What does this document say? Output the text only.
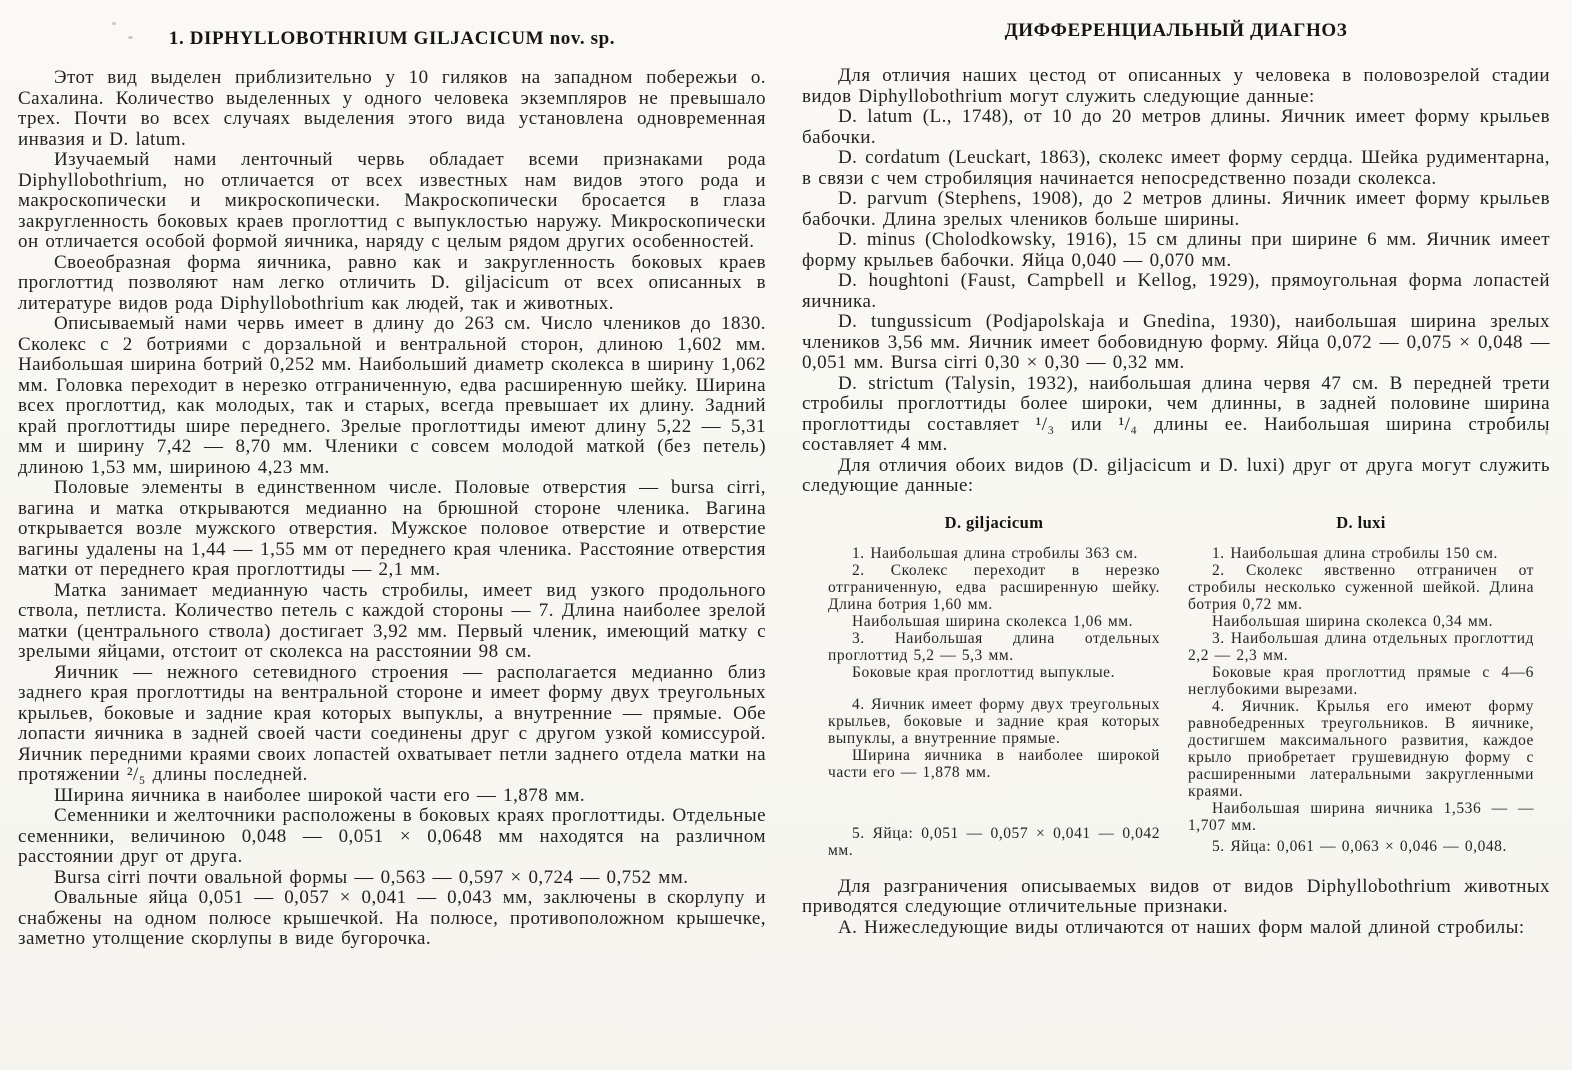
1. DIPHYLLOBOTHRIUM GILJACICUM nov. sp.

Этот вид выделен приблизительно у 10 гиляков на западном побережьи о. Сахалина. Количество выделенных у одного человека экземпляров не превышало трех. Почти во всех случаях выделения этого вида установлена одновременная инвазия и D. latum.

Изучаемый нами ленточный червь обладает всеми признаками рода Diphyllobothrium, но отличается от всех известных нам видов этого рода и макроскопически и микроскопически. Макроскопически бросается в глаза закругленность боковых краев проглоттид с выпуклостью наружу. Микроскопически он отличается особой формой яичника, наряду с целым рядом других особенностей.

Своеобразная форма яичника, равно как и закругленность боковых краев проглоттид позволяют нам легко отличить D. giljacicum от всех описанных в литературе видов рода Diphyllobothrium как людей, так и животных.

Описываемый нами червь имеет в длину до 263 см. Число члеников до 1830. Сколекс с 2 ботриями с дорзальной и вентральной сторон, длиною 1,602 мм. Наибольшая ширина ботрий 0,252 мм. Наибольший диаметр сколекса в ширину 1,062 мм. Головка переходит в нерезко отграниченную, едва расширенную шейку. Ширина всех проглоттид, как молодых, так и старых, всегда превышает их длину. Задний край проглоттиды шире переднего. Зрелые проглоттиды имеют длину 5,22 — 5,31 мм и ширину 7,42 — 8,70 мм. Членики с совсем молодой маткой (без петель) длиною 1,53 мм, шириною 4,23 мм.

Половые элементы в единственном числе. Половые отверстия — bursa cirri, вагина и матка открываются медианно на брюшной стороне членика. Вагина открывается возле мужского отверстия. Мужское половое отверстие и отверстие вагины удалены на 1,44 — 1,55 мм от переднего края членика. Расстояние отверстия матки от переднего края проглоттиды — 2,1 мм.

Матка занимает медианную часть стробилы, имеет вид узкого продольного ствола, петлиста. Количество петель с каждой стороны — 7. Длина наиболее зрелой матки (центрального ствола) достигает 3,92 мм. Первый членик, имеющий матку с зрелыми яйцами, отстоит от сколекса на расстоянии 98 см.

Яичник — нежного сетевидного строения — располагается медианно близ заднего края проглоттиды на вентральной стороне и имеет форму двух треугольных крыльев, боковые и задние края которых выпуклы, а внутренние — прямые. Обе лопасти яичника в задней своей части соединены друг с другом узкой комиссурой. Яичник передними краями своих лопастей охватывает петли заднего отдела матки на протяжении ²/₅ длины последней.

Ширина яичника в наиболее широкой части его — 1,878 мм.

Семенники и желточники расположены в боковых краях проглоттиды. Отдельные семенники, величиною 0,048 — 0,051 × 0,0648 мм находятся на различном расстоянии друг от друга.

Bursa cirri почти овальной формы — 0,563 — 0,597 × 0,724 — 0,752 мм.

Овальные яйца 0,051 — 0,057 × 0,041 — 0,043 мм, заключены в скорлупу и снабжены на одном полюсе крышечкой. На полюсе, противоположном крышечке, заметно утолщение скорлупы в виде бугорочка.

ДИФФЕРЕНЦИАЛЬНЫЙ ДИАГНОЗ

Для отличия наших цестод от описанных у человека в половозрелой стадии видов Diphyllobothrium могут служить следующие данные:

D. latum (L., 1748), от 10 до 20 метров длины. Яичник имеет форму крыльев бабочки.

D. cordatum (Leuckart, 1863), сколекс имеет форму сердца. Шейка рудиментарна, в связи с чем стробиляция начинается непосредственно позади сколекса.

D. parvum (Stephens, 1908), до 2 метров длины. Яичник имеет форму крыльев бабочки. Длина зрелых члеников больше ширины.

D. minus (Cholodkowsky, 1916), 15 см длины при ширине 6 мм. Яичник имеет форму крыльев бабочки. Яйца 0,040 — 0,070 мм.

D. houghtoni (Faust, Campbell и Kellog, 1929), прямоугольная форма лопастей яичника.

D. tungussicum (Podjapolskaja и Gnedina, 1930), наибольшая ширина зрелых члеников 3,56 мм. Яичник имеет бобовидную форму. Яйца 0,072 — 0,075 × 0,048 — 0,051 мм. Bursa cirri 0,30 × 0,30 — 0,32 мм.

D. strictum (Talysin, 1932), наибольшая длина червя 47 см. В передней трети стробилы проглоттиды более широки, чем длинны, в задней половине ширина проглоттиды составляет ¹/₃ или ¹/₄ длины ее. Наибольшая ширина стробилы составляет 4 мм.

Для отличия обоих видов (D. giljacicum и D. luxi) друг от друга могут служить следующие данные:

D. giljacicum

1. Наибольшая длина стробилы 363 см.

2. Сколекс переходит в нерезко отграниченную, едва расширенную шейку. Длина ботрия 1,60 мм.

Наибольшая ширина сколекса 1,06 мм.

3. Наибольшая длина отдельных проглоттид 5,2 — 5,3 мм.

Боковые края проглоттид выпуклые.

4. Яичник имеет форму двух треугольных крыльев, боковые и задние края которых выпуклы, а внутренние прямые.

Ширина яичника в наиболее широкой части его — 1,878 мм.

5. Яйца: 0,051 — 0,057 × 0,041 — 0,042 мм.

D. luxi

1. Наибольшая длина стробилы 150 см.

2. Сколекс явственно отграничен от стробилы несколько суженной шейкой. Длина ботрия 0,72 мм.

Наибольшая ширина сколекса 0,34 мм.

3. Наибольшая длина отдельных проглоттид 2,2 — 2,3 мм.

Боковые края проглоттид прямые с 4—6 неглубокими вырезами.

4. Яичник. Крылья его имеют форму равнобедренных треугольников. В яичнике, достигшем максимального развития, каждое крыло приобретает грушевидную форму с расширенными латеральными закругленными краями.

Наибольшая ширина яичника 1,536 — — 1,707 мм.

5. Яйца: 0,061 — 0,063 × 0,046 — 0,048.

Для разграничения описываемых видов от видов Diphyllobothrium животных приводятся следующие отличительные признаки.

А. Нижеследующие виды отличаются от наших форм малой длиной стробилы:
